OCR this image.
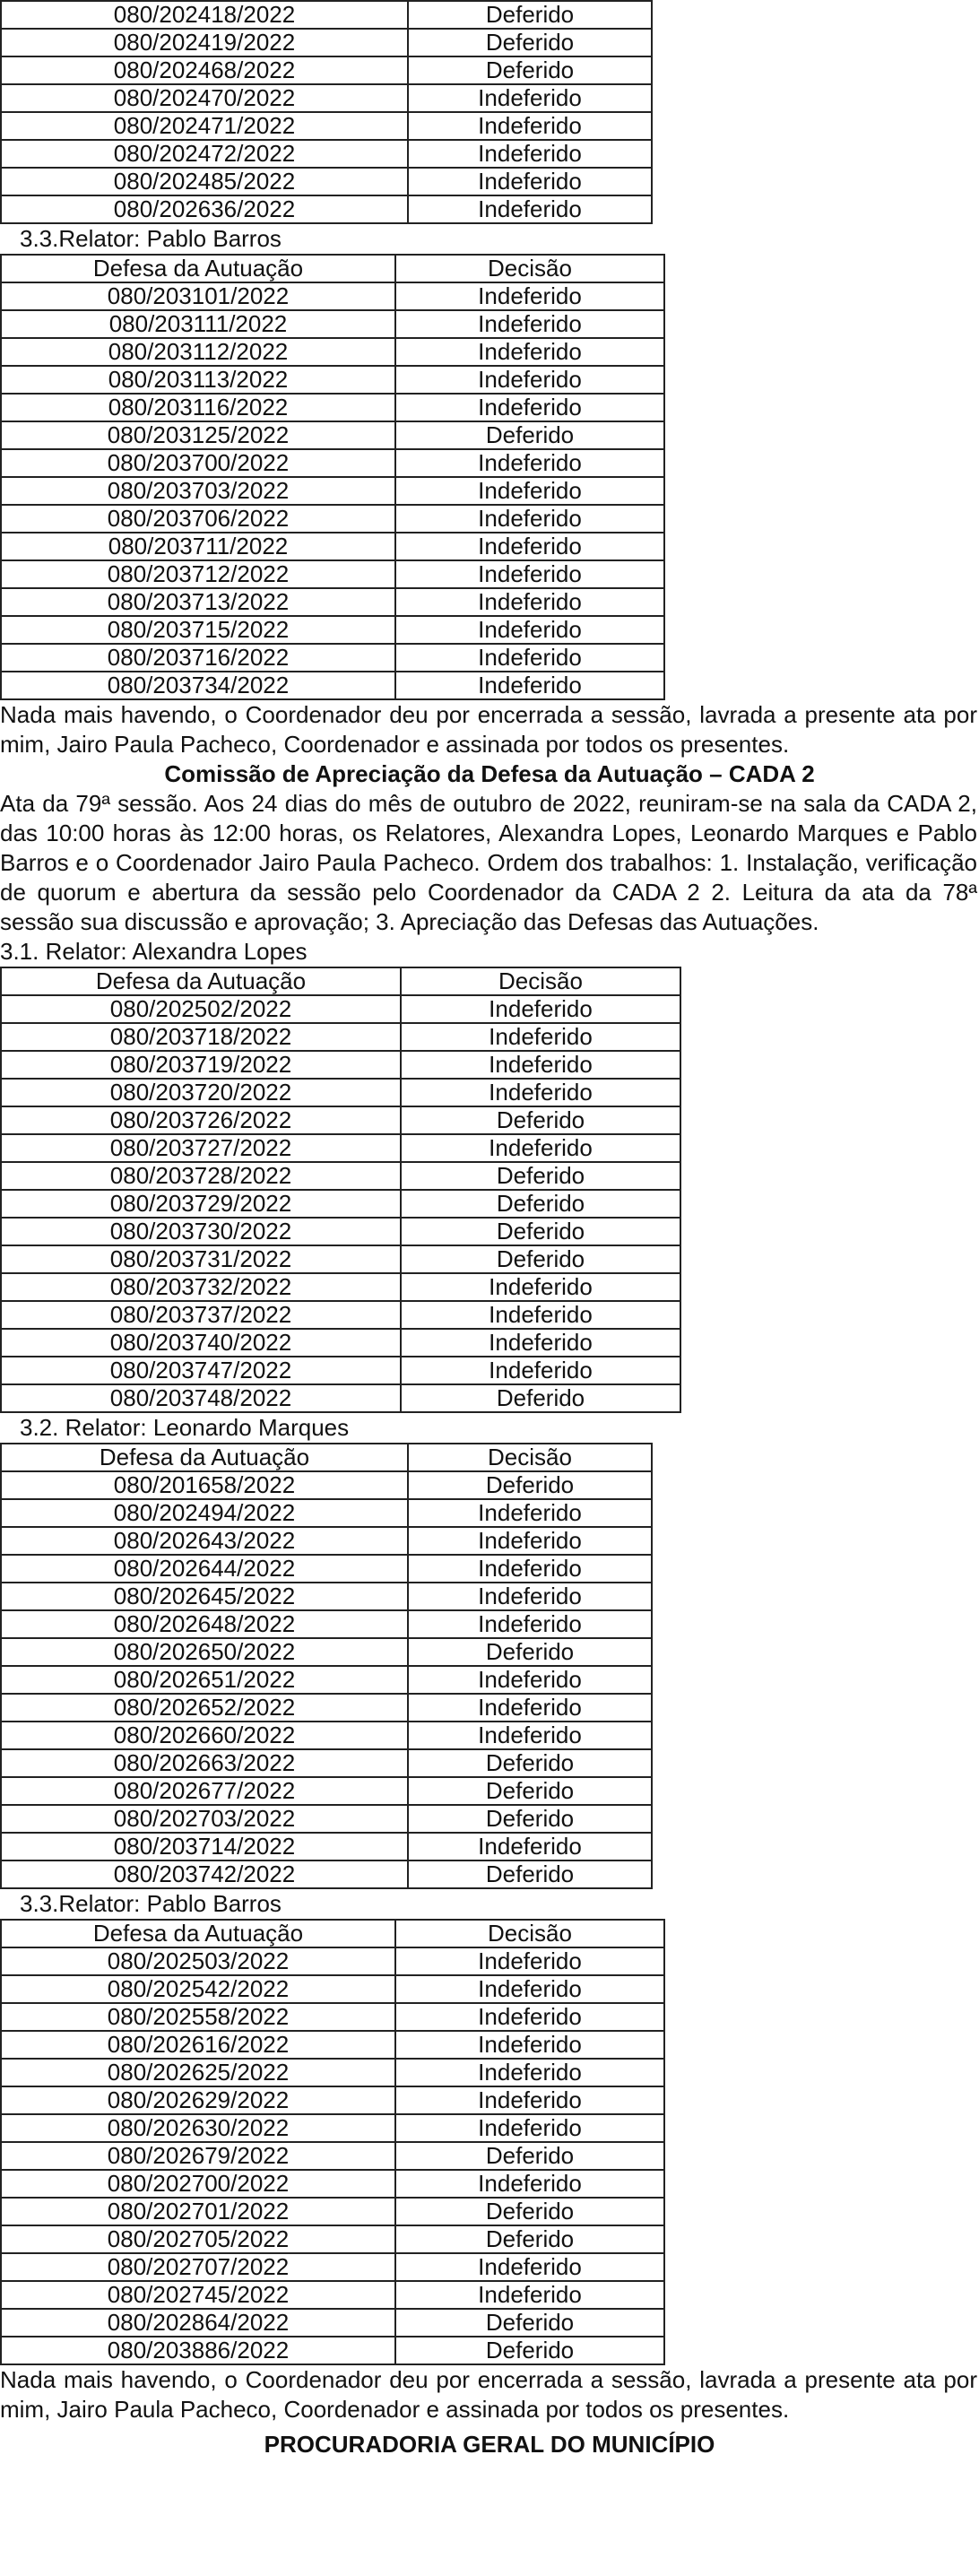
080/202418/2022	Deferido
080/202419/2022	Deferido
080/202468/2022	Deferido
080/202470/2022	Indeferido
080/202471/2022	Indeferido
080/202472/2022	Indeferido
080/202485/2022	Indeferido
080/202636/2022	Indeferido
3.3.Relator: Pablo Barros
Defesa da Autuação	Decisão
080/203101/2022	Indeferido
080/203111/2022	Indeferido
080/203112/2022	Indeferido
080/203113/2022	Indeferido
080/203116/2022	Indeferido
080/203125/2022	Deferido
080/203700/2022	Indeferido
080/203703/2022	Indeferido
080/203706/2022	Indeferido
080/203711/2022	Indeferido
080/203712/2022	Indeferido
080/203713/2022	Indeferido
080/203715/2022	Indeferido
080/203716/2022	Indeferido
080/203734/2022	Indeferido

Nada mais havendo, o Coordenador deu por encerrada a sessão, lavrada a presente ata por mim, Jairo Paula Pacheco, Coordenador e assinada por todos os presentes.

Comissão de Apreciação da Defesa da Autuação – CADA 2

Ata da 79ª sessão. Aos 24 dias do mês de outubro de 2022, reuniram-se na sala da CADA 2, das 10:00 horas às 12:00 horas, os Relatores, Alexandra Lopes, Leonardo Marques e Pablo Barros e o Coordenador Jairo Paula Pacheco. Ordem dos trabalhos: 1. Instalação, verificação de quorum e abertura da sessão pelo Coordenador da CADA 2 2. Leitura da ata da 78ª sessão sua discussão e aprovação; 3. Apreciação das Defesas das Autuações.

3.1. Relator: Alexandra Lopes
Defesa da Autuação	Decisão
080/202502/2022	Indeferido
080/203718/2022	Indeferido
080/203719/2022	Indeferido
080/203720/2022	Indeferido
080/203726/2022	Deferido
080/203727/2022	Indeferido
080/203728/2022	Deferido
080/203729/2022	Deferido
080/203730/2022	Deferido
080/203731/2022	Deferido
080/203732/2022	Indeferido
080/203737/2022	Indeferido
080/203740/2022	Indeferido
080/203747/2022	Indeferido
080/203748/2022	Deferido
3.2. Relator: Leonardo Marques
Defesa da Autuação	Decisão
080/201658/2022	Deferido
080/202494/2022	Indeferido
080/202643/2022	Indeferido
080/202644/2022	Indeferido
080/202645/2022	Indeferido
080/202648/2022	Indeferido
080/202650/2022	Deferido
080/202651/2022	Indeferido
080/202652/2022	Indeferido
080/202660/2022	Indeferido
080/202663/2022	Deferido
080/202677/2022	Deferido
080/202703/2022	Deferido
080/203714/2022	Indeferido
080/203742/2022	Deferido
3.3.Relator: Pablo Barros
Defesa da Autuação	Decisão
080/202503/2022	Indeferido
080/202542/2022	Indeferido
080/202558/2022	Indeferido
080/202616/2022	Indeferido
080/202625/2022	Indeferido
080/202629/2022	Indeferido
080/202630/2022	Indeferido
080/202679/2022	Deferido
080/202700/2022	Indeferido
080/202701/2022	Deferido
080/202705/2022	Deferido
080/202707/2022	Indeferido
080/202745/2022	Indeferido
080/202864/2022	Deferido
080/203886/2022	Deferido

Nada mais havendo, o Coordenador deu por encerrada a sessão, lavrada a presente ata por mim, Jairo Paula Pacheco, Coordenador e assinada por todos os presentes.

PROCURADORIA GERAL DO MUNICÍPIO
